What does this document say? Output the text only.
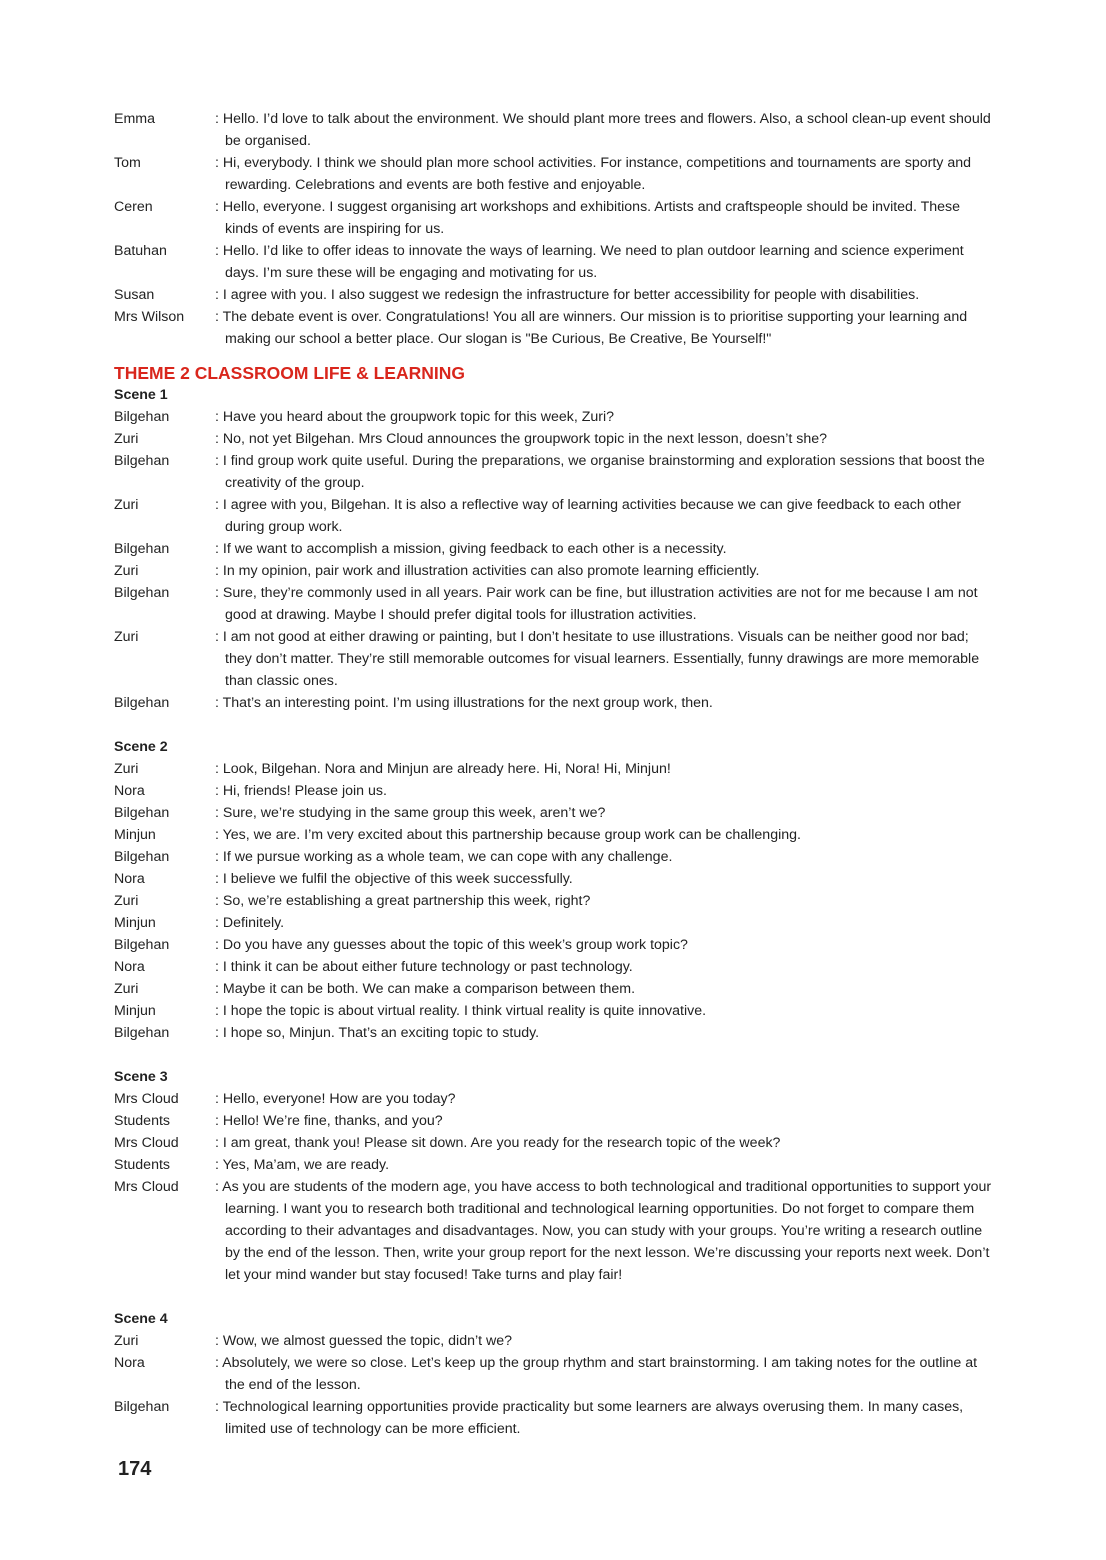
Emma	: Hello. I’d love to talk about the environment. We should plant more trees and flowers. Also, a school clean-up event should be organised.
Tom	: Hi, everybody. I think we should plan more school activities. For instance, competitions and tournaments are sporty and rewarding. Celebrations and events are both festive and enjoyable.
Ceren	: Hello, everyone. I suggest organising art workshops and exhibitions. Artists and craftspeople should be invited. These kinds of events are inspiring for us.
Batuhan	: Hello. I’d like to offer ideas to innovate the ways of learning. We need to plan outdoor learning and science experiment days. I’m sure these will be engaging and motivating for us.
Susan	: I agree with you. I also suggest we redesign the infrastructure for better accessibility for people with disabilities.
Mrs Wilson	: The debate event is over. Congratulations! You all are winners. Our mission is to prioritise supporting your learning and making our school a better place. Our slogan is "Be Curious, Be Creative, Be Yourself!"
THEME 2 CLASSROOM LIFE & LEARNING
Scene 1
Bilgehan	: Have you heard about the groupwork topic for this week, Zuri?
Zuri	: No, not yet Bilgehan. Mrs Cloud announces the groupwork topic in the next lesson, doesn’t she?
Bilgehan	: I find group work quite useful. During the preparations, we organise brainstorming and exploration sessions that boost the creativity of the group.
Zuri	: I agree with you, Bilgehan. It is also a reflective way of learning activities because we can give feedback to each other during group work.
Bilgehan	: If we want to accomplish a mission, giving feedback to each other is a necessity.
Zuri	: In my opinion, pair work and illustration activities can also promote learning efficiently.
Bilgehan	: Sure, they’re commonly used in all years. Pair work can be fine, but illustration activities are not for me because I am not good at drawing. Maybe I should prefer digital tools for illustration activities.
Zuri	: I am not good at either drawing or painting, but I don’t hesitate to use illustrations. Visuals can be neither good nor bad; they don’t matter. They’re still memorable outcomes for visual learners. Essentially, funny drawings are more memorable than classic ones.
Bilgehan	: That’s an interesting point. I’m using illustrations for the next group work, then.
Scene 2
Zuri	: Look, Bilgehan. Nora and Minjun are already here. Hi, Nora! Hi, Minjun!
Nora	: Hi, friends! Please join us.
Bilgehan	: Sure, we’re studying in the same group this week, aren’t we?
Minjun	: Yes, we are. I’m very excited about this partnership because group work can be challenging.
Bilgehan	: If we pursue working as a whole team, we can cope with any challenge.
Nora	: I believe we fulfil the objective of this week successfully.
Zuri	: So, we’re establishing a great partnership this week, right?
Minjun	: Definitely.
Bilgehan	: Do you have any guesses about the topic of this week’s group work topic?
Nora	: I think it can be about either future technology or past technology.
Zuri	: Maybe it can be both. We can make a comparison between them.
Minjun	: I hope the topic is about virtual reality. I think virtual reality is quite innovative.
Bilgehan	: I hope so, Minjun. That’s an exciting topic to study.
Scene 3
Mrs Cloud	: Hello, everyone! How are you today?
Students	: Hello! We’re fine, thanks, and you?
Mrs Cloud	: I am great, thank you! Please sit down. Are you ready for the research topic of the week?
Students	: Yes, Ma’am, we are ready.
Mrs Cloud	: As you are students of the modern age, you have access to both technological and traditional opportunities to support your learning. I want you to research both traditional and technological learning opportunities. Do not forget to compare them according to their advantages and disadvantages. Now, you can study with your groups. You’re writing a research outline by the end of the lesson. Then, write your group report for the next lesson. We’re discussing your reports next week. Don’t let your mind wander but stay focused! Take turns and play fair!
Scene 4
Zuri	: Wow, we almost guessed the topic, didn’t we?
Nora	: Absolutely, we were so close. Let’s keep up the group rhythm and start brainstorming. I am taking notes for the outline at the end of the lesson.
Bilgehan	: Technological learning opportunities provide practicality but some learners are always overusing them. In many cases, limited use of technology can be more efficient.
174
